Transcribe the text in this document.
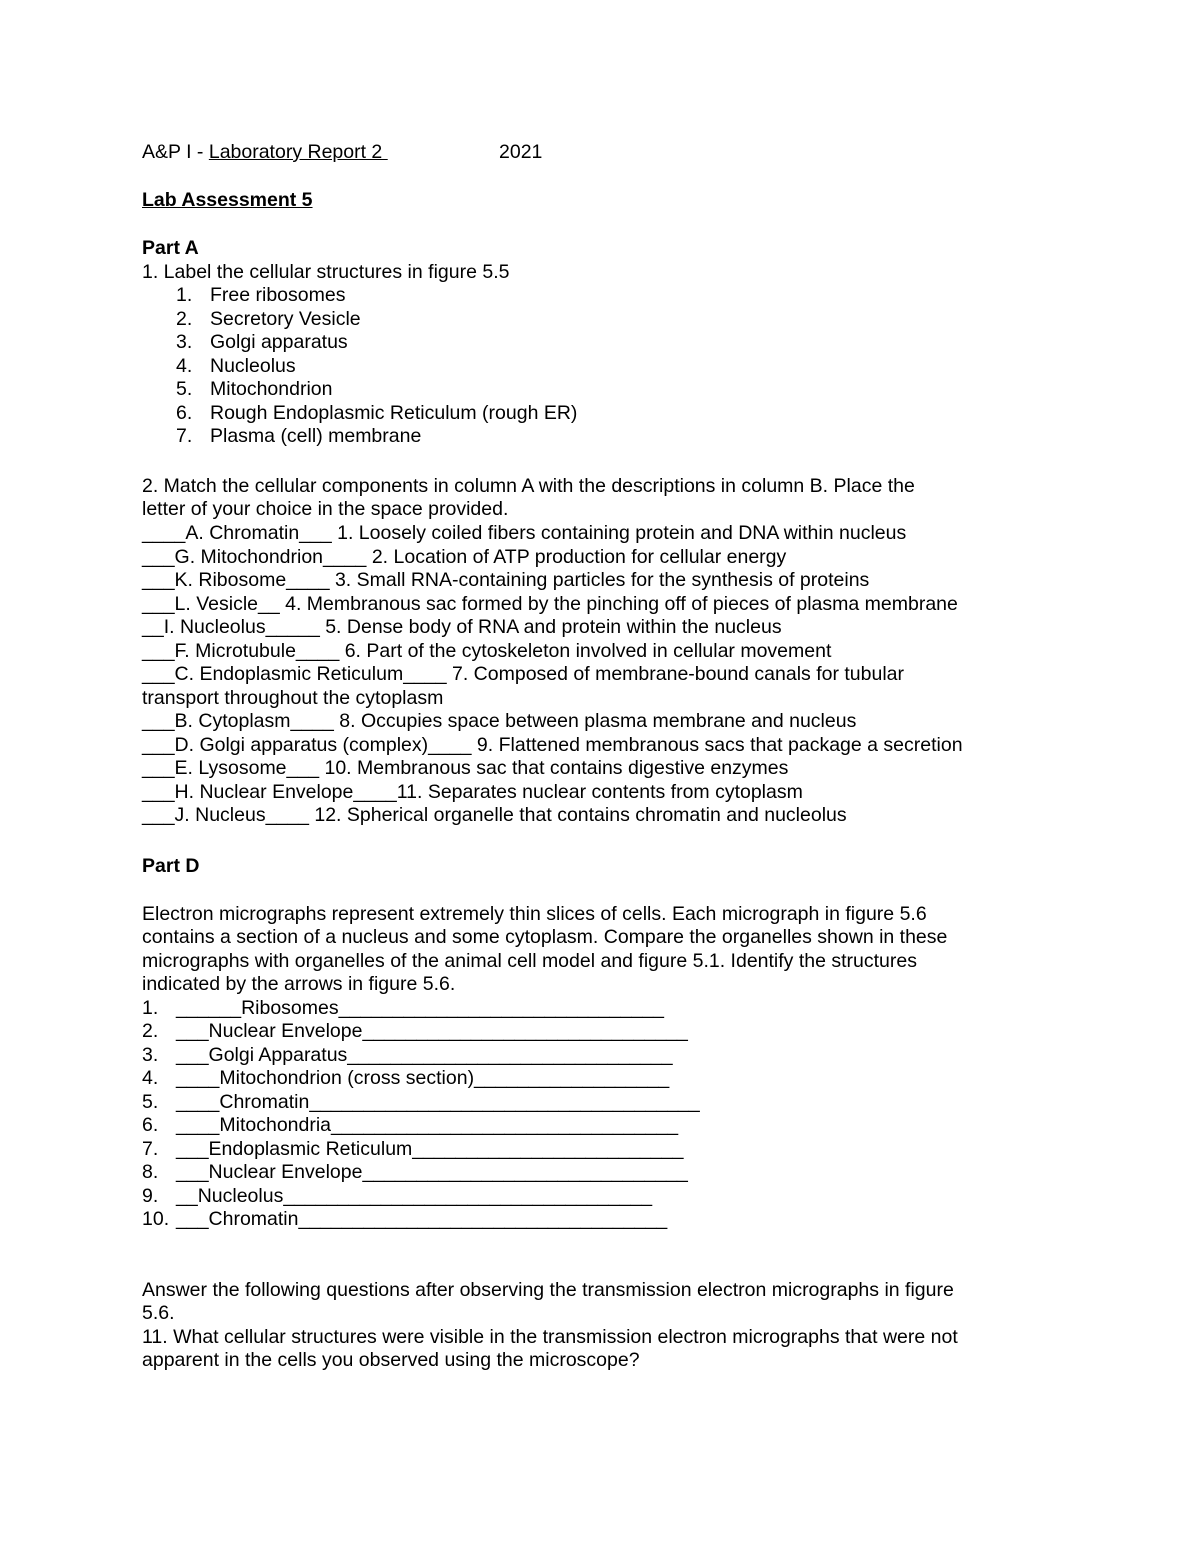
A&P I - Laboratory Report 2	2021
Lab Assessment 5
Part A
1. Label the cellular structures in figure 5.5
1. Free ribosomes
2. Secretory Vesicle
3. Golgi apparatus
4. Nucleolus
5. Mitochondrion
6. Rough Endoplasmic Reticulum (rough ER)
7. Plasma (cell) membrane
2. Match the cellular components in column A with the descriptions in column B. Place the
letter of your choice in the space provided.
____A. Chromatin___ 1. Loosely coiled fibers containing protein and DNA within nucleus
___G. Mitochondrion____ 2. Location of ATP production for cellular energy
___K. Ribosome____ 3. Small RNA-containing particles for the synthesis of proteins
___L. Vesicle__ 4. Membranous sac formed by the pinching off of pieces of plasma membrane
__I. Nucleolus_____ 5. Dense body of RNA and protein within the nucleus
___F. Microtubule____ 6. Part of the cytoskeleton involved in cellular movement
___C. Endoplasmic Reticulum____ 7. Composed of membrane-bound canals for tubular
transport throughout the cytoplasm
___B. Cytoplasm____ 8. Occupies space between plasma membrane and nucleus
___D. Golgi apparatus (complex)____ 9. Flattened membranous sacs that package a secretion
___E. Lysosome___ 10. Membranous sac that contains digestive enzymes
___H. Nuclear Envelope____11. Separates nuclear contents from cytoplasm
___J. Nucleus____ 12. Spherical organelle that contains chromatin and nucleolus
Part D
Electron micrographs represent extremely thin slices of cells. Each micrograph in figure 5.6
contains a section of a nucleus and some cytoplasm. Compare the organelles shown in these
micrographs with organelles of the animal cell model and figure 5.1. Identify the structures
indicated by the arrows in figure 5.6.
1. ______Ribosomes______________________________
2. ___Nuclear Envelope______________________________
3. ___Golgi Apparatus______________________________
4. ____Mitochondrion (cross section)__________________
5. ____Chromatin____________________________________
6. ____Mitochondria________________________________
7. ___Endoplasmic Reticulum_________________________
8. ___Nuclear Envelope______________________________
9. __Nucleolus__________________________________
10. ___Chromatin__________________________________
Answer the following questions after observing the transmission electron micrographs in figure
5.6.
11. What cellular structures were visible in the transmission electron micrographs that were not
apparent in the cells you observed using the microscope?
